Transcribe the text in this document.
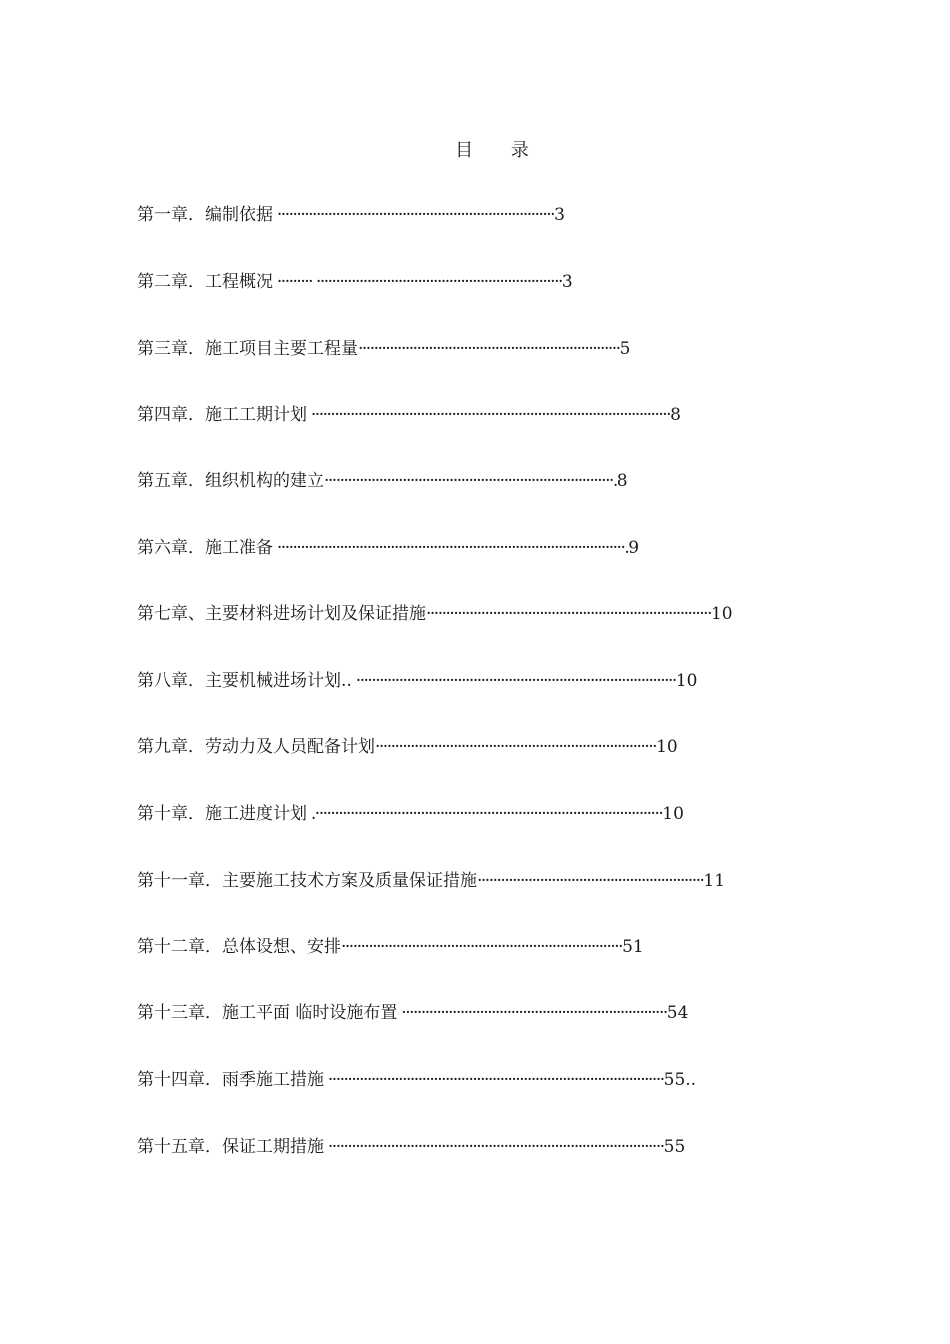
目 录
第一章．编制依据 ·······································································3
第二章．工程概况 ········· ·······························································3
第三章．施工项目主要工程量···································································5
第四章．施工工期计划 ····························································································8
第五章．组织机构的建立··········································································.8
第六章．施工准备 ·························································································.9
第七章、主要材料进场计划及保证措施·········································································10
第八章．主要机械进场计划.. ··················································································10
第九章．劳动力及人员配备计划········································································10
第十章．施工进度计划 .·························································································10
第十一章．主要施工技术方案及质量保证措施··························································11
第十二章．总体设想、安排········································································51
第十三章．施工平面 临时设施布置 ····································································54
第十四章．雨季施工措施 ······················································································55..
第十五章．保证工期措施 ······················································································55
